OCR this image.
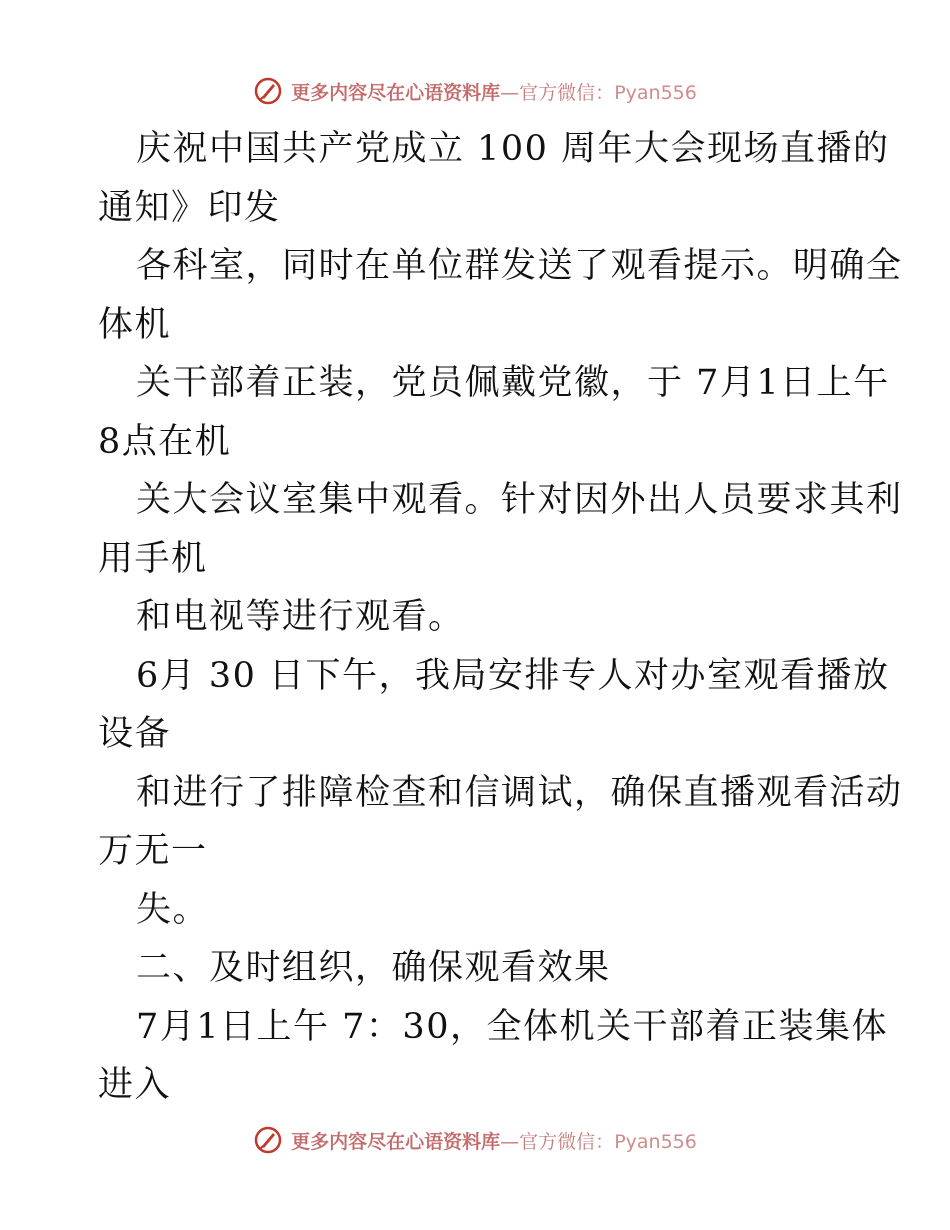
更多内容尽在心语资料库—官方微信：Pyan556
庆祝中国共产党成立 100 周年大会现场直播的
通知》印发
各科室，同时在单位群发送了观看提示。明确全
体机
关干部着正装，党员佩戴党徽，于 7月1日上午
8点在机
关大会议室集中观看。针对因外出人员要求其利
用手机
和电视等进行观看。
6月 30 日下午，我局安排专人对办室观看播放
设备
和进行了排障检查和信调试，确保直播观看活动
万无一
失。
二、及时组织，确保观看效果
7月1日上午 7：30，全体机关干部着正装集体
进入
更多内容尽在心语资料库—官方微信：Pyan556
